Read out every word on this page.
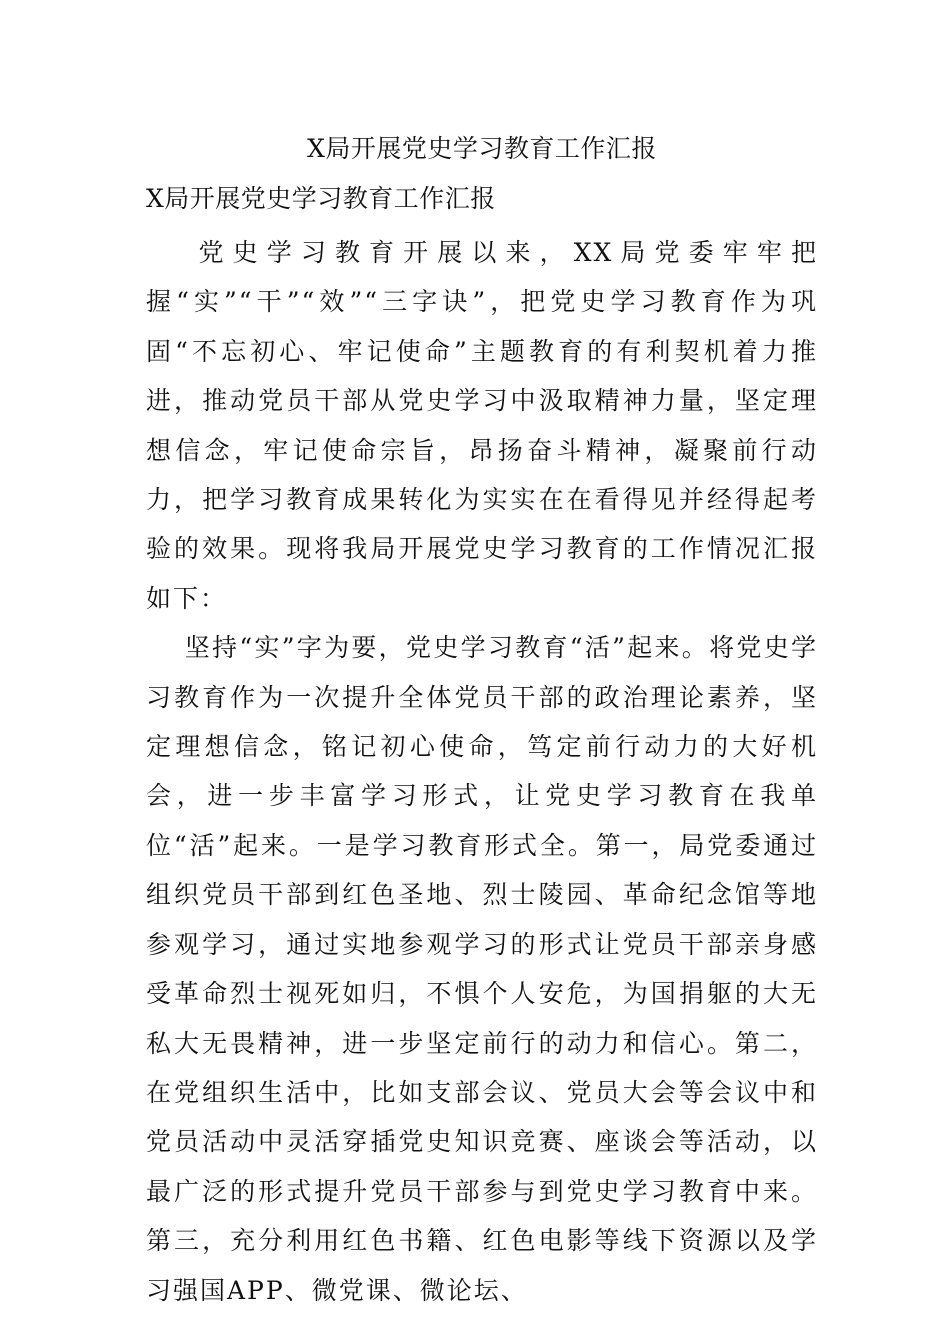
X局开展党史学习教育工作汇报
X局开展党史学习教育工作汇报

党史学习教育开展以来，XX局党委牢牢把握“实”“干”“效”“三字诀”，把党史学习教育作为巩固“不忘初心、牢记使命”主题教育的有利契机着力推进，推动党员干部从党史学习中汲取精神力量，坚定理想信念，牢记使命宗旨，昂扬奋斗精神，凝聚前行动力，把学习教育成果转化为实实在在看得见并经得起考验的效果。现将我局开展党史学习教育的工作情况汇报如下：

坚持“实”字为要，党史学习教育“活”起来。将党史学习教育作为一次提升全体党员干部的政治理论素养，坚定理想信念，铭记初心使命，笃定前行动力的大好机会，进一步丰富学习形式，让党史学习教育在我单位“活”起来。一是学习教育形式全。第一，局党委通过组织党员干部到红色圣地、烈士陵园、革命纪念馆等地参观学习，通过实地参观学习的形式让党员干部亲身感受革命烈士视死如归，不惧个人安危，为国捐躯的大无私大无畏精神，进一步坚定前行的动力和信心。第二，在党组织生活中，比如支部会议、党员大会等会议中和党员活动中灵活穿插党史知识竞赛、座谈会等活动，以最广泛的形式提升党员干部参与到党史学习教育中来。第三，充分利用红色书籍、红色电影等线下资源以及学习强国APP、微党课、微论坛、
